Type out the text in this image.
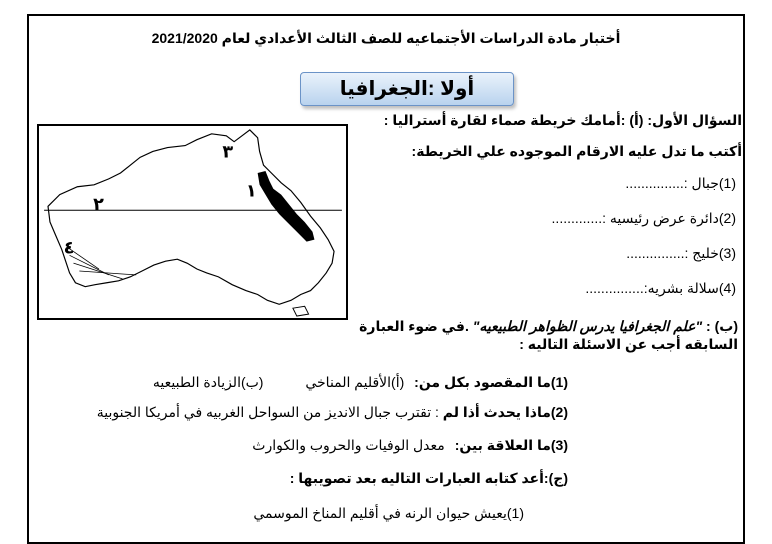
أختبار مادة الدراسات الأجتماعيه للصف الثالث الأعدادي لعام 2021/2020
أولا :الجغرافيا
السؤال الأول: (أ) :أمامك خريطة صماء لقارة أستراليا :
أكتب ما تدل عليه الارقام الموجوده علي الخريطة:
(1)جبال :...............
(2)دائرة عرض رئيسيه :.............
(3)خليج :...............
(4)سلالة بشريه:...............
١
٢
٣
٤
(ب) : "علم الجغرافيا يدرس الظواهر الطبيعيه" .في ضوء العبارة
السابقه أجب عن الاسئلة التاليه :
(1)ما المقصود بكل من: (أ)الأقليم المناخي (ب)الزيادة الطبيعيه
(2)ماذا يحدث أذا لم : تقترب جبال الانديز من السواحل الغربيه في أمريكا الجنوبية
(3)ما العلاقة بين: معدل الوفيات والحروب والكوارث
(ج):أعد كتابه العبارات التاليه بعد تصويبها :
(1)يعيش حيوان الرنه في أقليم المناخ الموسمي
